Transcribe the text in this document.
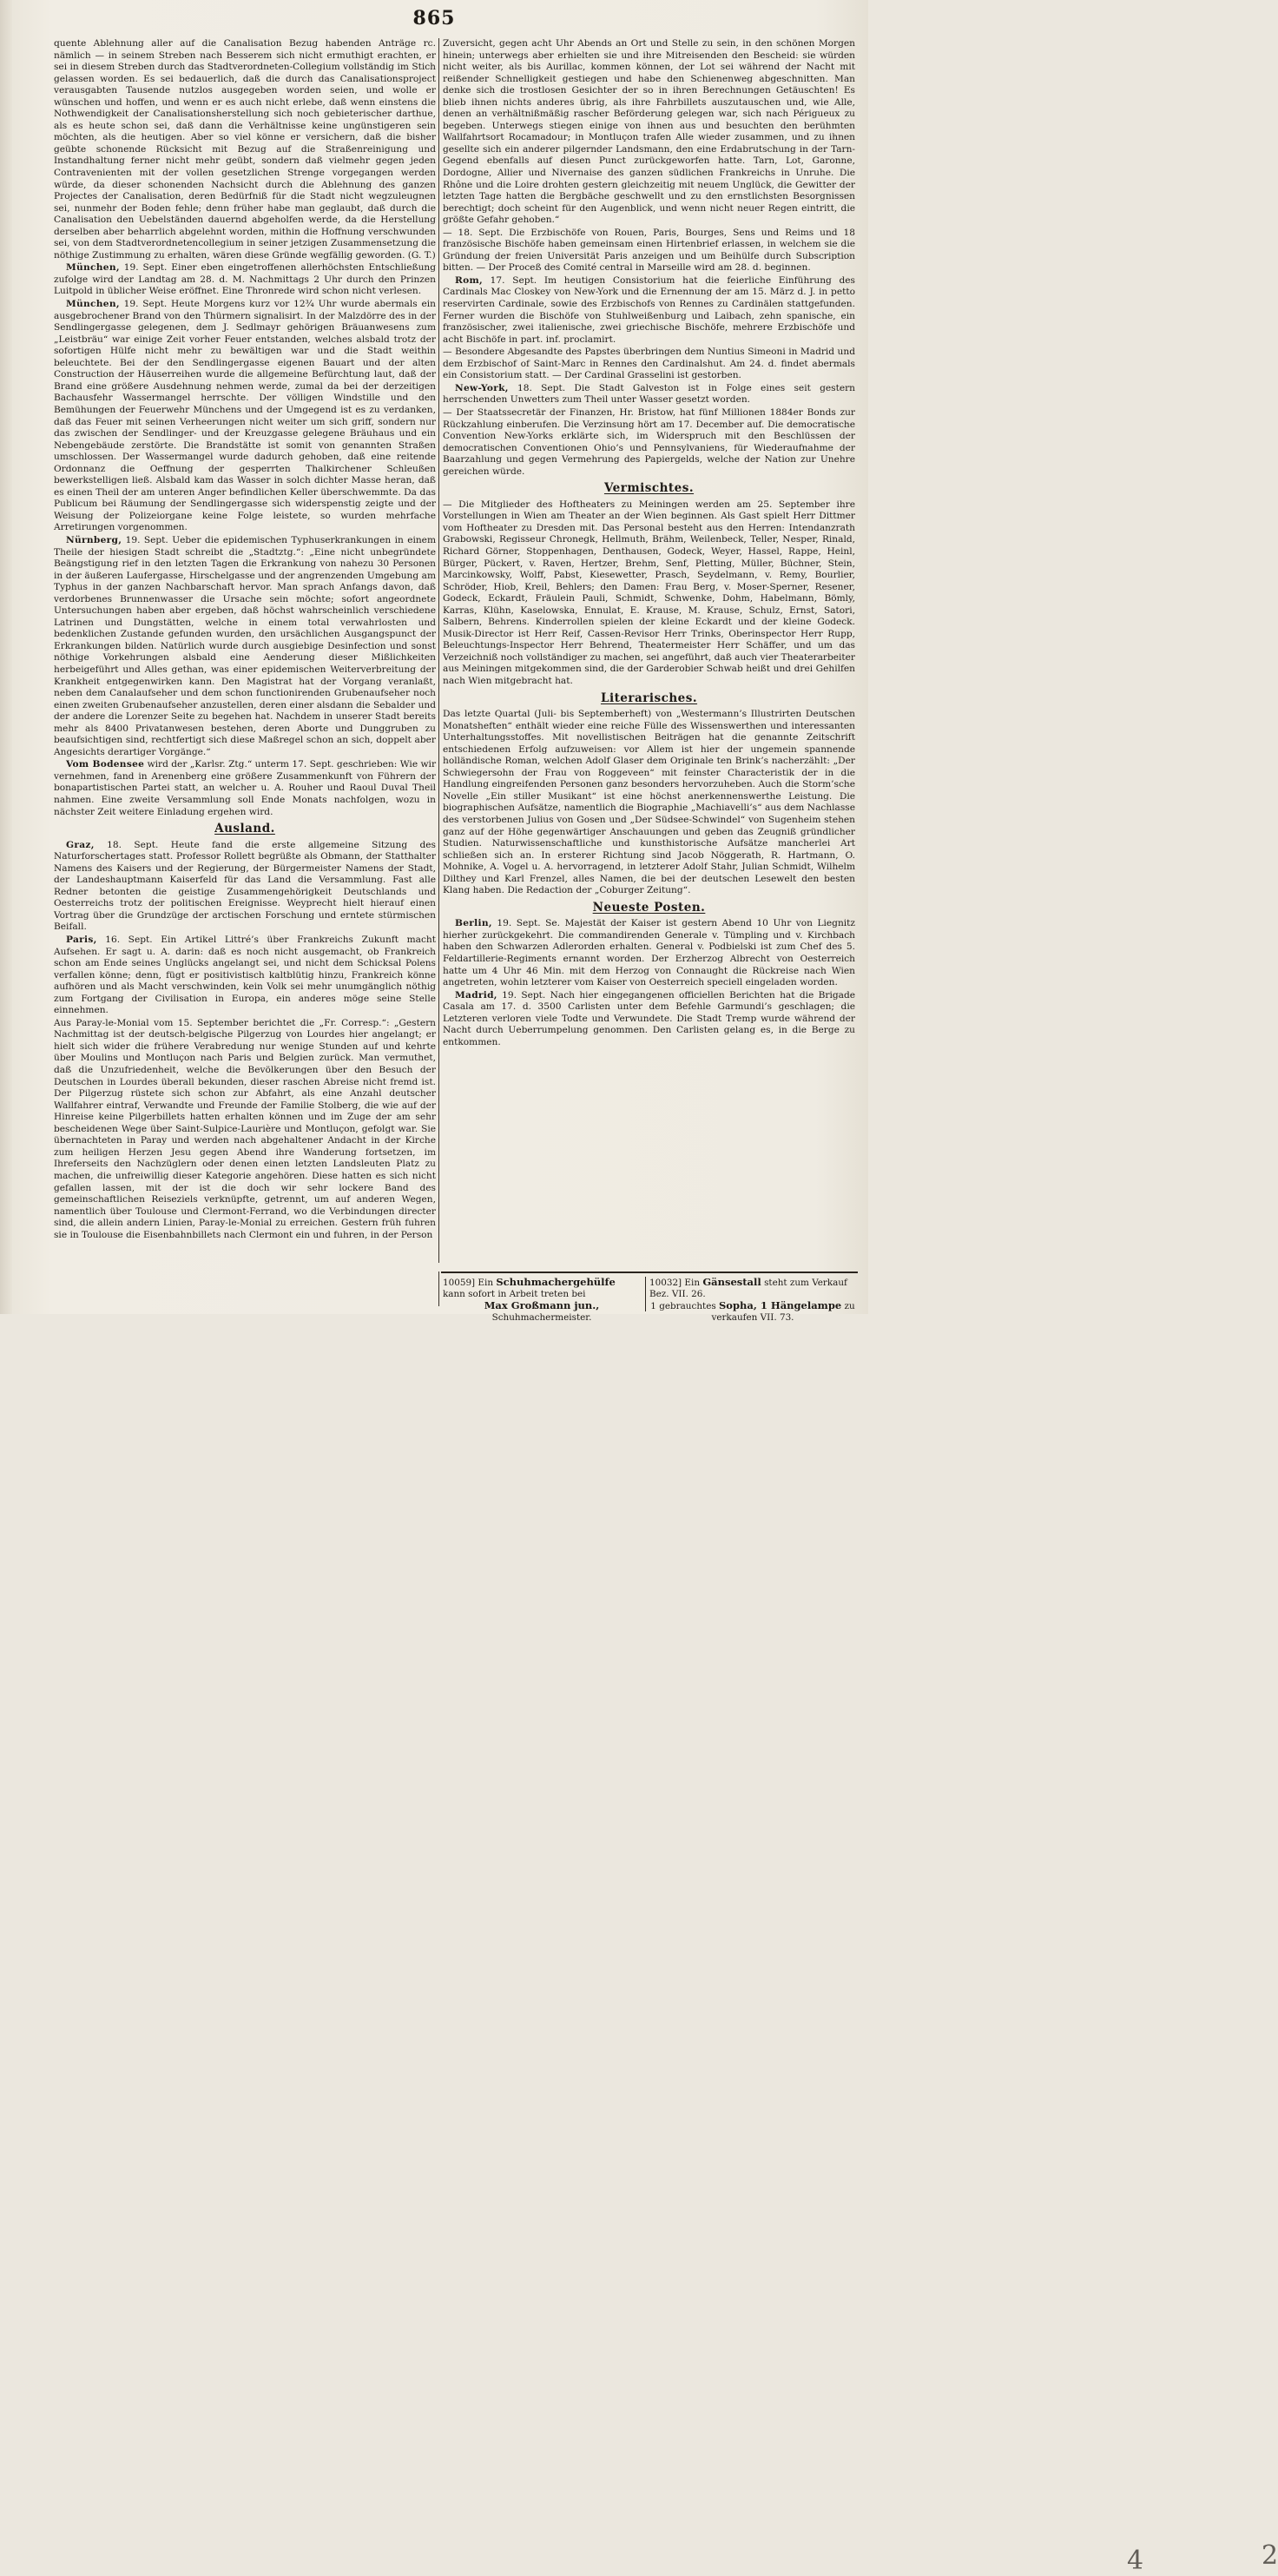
865

quente Ablehnung aller auf die Canalisation Bezug habenden Anträge rc. nämlich — in seinem Streben nach Besserem sich nicht ermuthigt erachten, er sei in diesem Streben durch das Stadtverordneten-Collegium vollständig im Stich gelassen worden. Es sei bedauerlich, daß die durch das Canalisationsproject verausgabten Tausende nutzlos ausgegeben worden seien, und wolle er wünschen und hoffen, und wenn er es auch nicht erlebe, daß wenn einstens die Nothwendigkeit der Canalisationsherstellung sich noch gebieterischer darthue, als es heute schon sei, daß dann die Verhältnisse keine ungünstigeren sein möchten, als die heutigen. Aber so viel könne er versichern, daß die bisher geübte schonende Rücksicht mit Bezug auf die Straßenreinigung und Instandhaltung ferner nicht mehr geübt, sondern daß vielmehr gegen jeden Contravenienten mit der vollen gesetzlichen Strenge vorgegangen werden würde, da dieser schonenden Nachsicht durch die Ablehnung des ganzen Projectes der Canalisation, deren Bedürfniß für die Stadt nicht wegzuleugnen sei, nunmehr der Boden fehle; denn früher habe man geglaubt, daß durch die Canalisation den Uebelständen dauernd abgeholfen werde, da die Herstellung derselben aber beharrlich abgelehnt worden, mithin die Hoffnung verschwunden sei, von dem Stadtverordnetencollegium in seiner jetzigen Zusammensetzung die nöthige Zustimmung zu erhalten, wären diese Gründe wegfällig geworden. (G. T.)

München, 19. Sept. Einer eben eingetroffenen allerhöchsten Entschließung zufolge wird der Landtag am 28. d. M. Nachmittags 2 Uhr durch den Prinzen Luitpold in üblicher Weise eröffnet. Eine Thronrede wird schon nicht verlesen.

München, 19. Sept. Heute Morgens kurz vor 12¾ Uhr wurde abermals ein ausgebrochener Brand von den Thürmern signalisirt. In der Malzdörre des in der Sendlingergasse gelegenen, dem J. Sedlmayr gehörigen Bräuanwesens zum „Leistbräu“ war einige Zeit vorher Feuer entstanden, welches alsbald trotz der sofortigen Hülfe nicht mehr zu bewältigen war und die Stadt weithin beleuchtete. Bei der den Sendlingergasse eigenen Bauart und der alten Construction der Häuserreihen wurde die allgemeine Befürchtung laut, daß der Brand eine größere Ausdehnung nehmen werde, zumal da bei der derzeitigen Bachausfehr Wassermangel herrschte. Der völligen Windstille und den Bemühungen der Feuerwehr Münchens und der Umgegend ist es zu verdanken, daß das Feuer mit seinen Verheerungen nicht weiter um sich griff, sondern nur das zwischen der Sendlinger- und der Kreuzgasse gelegene Bräuhaus und ein Nebengebäude zerstörte. Die Brandstätte ist somit von genannten Straßen umschlossen. Der Wassermangel wurde dadurch gehoben, daß eine reitende Ordonnanz die Oeffnung der gesperrten Thalkirchener Schleußen bewerkstelligen ließ. Alsbald kam das Wasser in solch dichter Masse heran, daß es einen Theil der am unteren Anger befindlichen Keller überschwemmte. Da das Publicum bei Räumung der Sendlingergasse sich widerspenstig zeigte und der Weisung der Polizeiorgane keine Folge leistete, so wurden mehrfache Arretirungen vorgenommen.

Nürnberg, 19. Sept. Ueber die epidemischen Typhuserkrankungen in einem Theile der hiesigen Stadt schreibt die „Stadtztg.“: „Eine nicht unbegründete Beängstigung rief in den letzten Tagen die Erkrankung von nahezu 30 Personen in der äußeren Laufergasse, Hirschelgasse und der angrenzenden Umgebung am Typhus in der ganzen Nachbarschaft hervor. Man sprach Anfangs davon, daß verdorbenes Brunnenwasser die Ursache sein möchte; sofort angeordnete Untersuchungen haben aber ergeben, daß höchst wahrscheinlich verschiedene Latrinen und Dungstätten, welche in einem total verwahrlosten und bedenklichen Zustande gefunden wurden, den ursächlichen Ausgangspunct der Erkrankungen bilden. Natürlich wurde durch ausgiebige Desinfection und sonst nöthige Vorkehrungen alsbald eine Aenderung dieser Mißlichkeiten herbeigeführt und Alles gethan, was einer epidemischen Weiterverbreitung der Krankheit entgegenwirken kann. Den Magistrat hat der Vorgang veranlaßt, neben dem Canalaufseher und dem schon functionirenden Grubenaufseher noch einen zweiten Grubenaufseher anzustellen, deren einer alsdann die Sebalder und der andere die Lorenzer Seite zu begehen hat. Nachdem in unserer Stadt bereits mehr als 8400 Privatanwesen bestehen, deren Aborte und Dunggruben zu beaufsichtigen sind, rechtfertigt sich diese Maßregel schon an sich, doppelt aber Angesichts derartiger Vorgänge.“

Vom Bodensee wird der „Karlsr. Ztg.“ unterm 17. Sept. geschrieben: Wie wir vernehmen, fand in Arenenberg eine größere Zusammenkunft von Führern der bonapartistischen Partei statt, an welcher u. A. Rouher und Raoul Duval Theil nahmen. Eine zweite Versammlung soll Ende Monats nachfolgen, wozu in nächster Zeit weitere Einladung ergehen wird.

Ausland.

Graz, 18. Sept. Heute fand die erste allgemeine Sitzung des Naturforschertages statt. Professor Rollett begrüßte als Obmann, der Statthalter Namens des Kaisers und der Regierung, der Bürgermeister Namens der Stadt, der Landeshauptmann Kaiserfeld für das Land die Versammlung. Fast alle Redner betonten die geistige Zusammengehörigkeit Deutschlands und Oesterreichs trotz der politischen Ereignisse. Weyprecht hielt hierauf einen Vortrag über die Grundzüge der arctischen Forschung und erntete stürmischen Beifall.

Paris, 16. Sept. Ein Artikel Littré’s über Frankreichs Zukunft macht Aufsehen. Er sagt u. A. darin: daß es noch nicht ausgemacht, ob Frankreich schon am Ende seines Unglücks angelangt sei, und nicht dem Schicksal Polens verfallen könne; denn, fügt er positivistisch kaltblütig hinzu, Frankreich könne aufhören und als Macht verschwinden, kein Volk sei mehr unumgänglich nöthig zum Fortgang der Civilisation in Europa, ein anderes möge seine Stelle einnehmen.

Aus Paray-le-Monial vom 15. September berichtet die „Fr. Corresp.“: „Gestern Nachmittag ist der deutsch-belgische Pilgerzug von Lourdes hier angelangt; er hielt sich wider die frühere Verabredung nur wenige Stunden auf und kehrte über Moulins und Montluçon nach Paris und Belgien zurück. Man vermuthet, daß die Unzufriedenheit, welche die Bevölkerungen über den Besuch der Deutschen in Lourdes überall bekunden, dieser raschen Abreise nicht fremd ist. Der Pilgerzug rüstete sich schon zur Abfahrt, als eine Anzahl deutscher Wallfahrer eintraf, Verwandte und Freunde der Familie Stolberg, die wie auf der Hinreise keine Pilgerbillets hatten erhalten können und im Zuge der am sehr bescheidenen Wege über Saint-Sulpice-Laurière und Montluçon, gefolgt war. Sie übernachteten in Paray und werden nach abgehaltener Andacht in der Kirche zum heiligen Herzen Jesu gegen Abend ihre Wanderung fortsetzen, im Ihreferseits den Nachzüglern oder denen einen letzten Landsleuten Platz zu machen, die unfreiwillig dieser Kategorie angehören. Diese hatten es sich nicht gefallen lassen, mit der ist die doch wir sehr lockere Band des gemeinschaftlichen Reiseziels verknüpfte, getrennt, um auf anderen Wegen, namentlich über Toulouse und Clermont-Ferrand, wo die Verbindungen directer sind, die allein andern Linien, Paray-le-Monial zu erreichen. Gestern früh fuhren sie in Toulouse die Eisenbahnbillets nach Clermont ein und fuhren, in der Person

Zuversicht, gegen acht Uhr Abends an Ort und Stelle zu sein, in den schönen Morgen hinein; unterwegs aber erhielten sie und ihre Mitreisenden den Bescheid: sie würden nicht weiter, als bis Aurillac, kommen können, der Lot sei während der Nacht mit reißender Schnelligkeit gestiegen und habe den Schienenweg abgeschnitten. Man denke sich die trostlosen Gesichter der so in ihren Berechnungen Getäuschten! Es blieb ihnen nichts anderes übrig, als ihre Fahrbillets auszutauschen und, wie Alle, denen an verhältnißmäßig rascher Beförderung gelegen war, sich nach Périgueux zu begeben. Unterwegs stiegen einige von ihnen aus und besuchten den berühmten Wallfahrtsort Rocamadour; in Montluçon trafen Alle wieder zusammen, und zu ihnen gesellte sich ein anderer pilgernder Landsmann, den eine Erdabrutschung in der Tarn-Gegend ebenfalls auf diesen Punct zurückgeworfen hatte. Tarn, Lot, Garonne, Dordogne, Allier und Nivernaise des ganzen südlichen Frankreichs in Unruhe. Die Rhône und die Loire drohten gestern gleichzeitig mit neuem Unglück, die Gewitter der letzten Tage hatten die Bergbäche geschwellt und zu den ernstlichsten Besorgnissen berechtigt; doch scheint für den Augenblick, und wenn nicht neuer Regen eintritt, die größte Gefahr gehoben.“

— 18. Sept. Die Erzbischöfe von Rouen, Paris, Bourges, Sens und Reims und 18 französische Bischöfe haben gemeinsam einen Hirtenbrief erlassen, in welchem sie die Gründung der freien Universität Paris anzeigen und um Beihülfe durch Subscription bitten. — Der Proceß des Comité central in Marseille wird am 28. d. beginnen.

Rom, 17. Sept. Im heutigen Consistorium hat die feierliche Einführung des Cardinals Mac Closkey von New-York und die Ernennung der am 15. März d. J. in petto reservirten Cardinale, sowie des Erzbischofs von Rennes zu Cardinälen stattgefunden. Ferner wurden die Bischöfe von Stuhlweißenburg und Laibach, zehn spanische, ein französischer, zwei italienische, zwei griechische Bischöfe, mehrere Erzbischöfe und acht Bischöfe in part. inf. proclamirt.

— Besondere Abgesandte des Papstes überbringen dem Nuntius Simeoni in Madrid und dem Erzbischof of Saint-Marc in Rennes den Cardinalshut. Am 24. d. findet abermals ein Consistorium statt. — Der Cardinal Grasselini ist gestorben.

New-York, 18. Sept. Die Stadt Galveston ist in Folge eines seit gestern herrschenden Unwetters zum Theil unter Wasser gesetzt worden.

— Der Staatssecretär der Finanzen, Hr. Bristow, hat fünf Millionen 1884er Bonds zur Rückzahlung einberufen. Die Verzinsung hört am 17. December auf. Die democratische Convention New-Yorks erklärte sich, im Widerspruch mit den Beschlüssen der democratischen Conventionen Ohio’s und Pennsylvaniens, für Wiederaufnahme der Baarzahlung und gegen Vermehrung des Papiergelds, welche der Nation zur Unehre gereichen würde.

Vermischtes.

— Die Mitglieder des Hoftheaters zu Meiningen werden am 25. September ihre Vorstellungen in Wien am Theater an der Wien beginnen. Als Gast spielt Herr Dittmer vom Hoftheater zu Dresden mit. Das Personal besteht aus den Herren: Intendanzrath Grabowski, Regisseur Chronegk, Hellmuth, Brähm, Weilenbeck, Teller, Nesper, Rinald, Richard Görner, Stoppenhagen, Denthausen, Godeck, Weyer, Hassel, Rappe, Heinl, Bürger, Pückert, v. Raven, Hertzer, Brehm, Senf, Pletting, Müller, Büchner, Stein, Marcinkowsky, Wolff, Pabst, Kiesewetter, Prasch, Seydelmann, v. Remy, Bourlier, Schröder, Hiob, Kreil, Behlers; den Damen: Frau Berg, v. Moser-Sperner, Resener, Godeck, Eckardt, Fräulein Pauli, Schmidt, Schwenke, Dohm, Habelmann, Bömly, Karras, Klühn, Kaselowska, Ennulat, E. Krause, M. Krause, Schulz, Ernst, Satori, Salbern, Behrens. Kinderrollen spielen der kleine Eckardt und der kleine Godeck. Musik-Director ist Herr Reif, Cassen-Revisor Herr Trinks, Oberinspector Herr Rupp, Beleuchtungs-Inspector Herr Behrend, Theatermeister Herr Schäffer, und um das Verzeichniß noch vollständiger zu machen, sei angeführt, daß auch vier Theaterarbeiter aus Meiningen mitgekommen sind, die der Garderobier Schwab heißt und drei Gehilfen nach Wien mitgebracht hat.

Literarisches.

Das letzte Quartal (Juli- bis Septemberheft) von „Westermann’s Illustrirten Deutschen Monatsheften“ enthält wieder eine reiche Fülle des Wissenswerthen und interessanten Unterhaltungsstoffes. Mit novellistischen Beiträgen hat die genannte Zeitschrift entschiedenen Erfolg aufzuweisen: vor Allem ist hier der ungemein spannende holländische Roman, welchen Adolf Glaser dem Originale ten Brink’s nacherzählt: „Der Schwiegersohn der Frau von Roggeveen“ mit feinster Characteristik der in die Handlung eingreifenden Personen ganz besonders hervorzuheben. Auch die Storm’sche Novelle „Ein stiller Musikant“ ist eine höchst anerkennenswerthe Leistung. Die biographischen Aufsätze, namentlich die Biographie „Machiavelli’s“ aus dem Nachlasse des verstorbenen Julius von Gosen und „Der Südsee-Schwindel“ von Sugenheim stehen ganz auf der Höhe gegenwärtiger Anschauungen und geben das Zeugniß gründlicher Studien. Naturwissenschaftliche und kunsthistorische Aufsätze mancherlei Art schließen sich an. In ersterer Richtung sind Jacob Nöggerath, R. Hartmann, O. Mohnike, A. Vogel u. A. hervorragend, in letzterer Adolf Stahr, Julian Schmidt, Wilhelm Dilthey und Karl Frenzel, alles Namen, die bei der deutschen Lesewelt den besten Klang haben. Die Redaction der „Coburger Zeitung“.

Neueste Posten.

Berlin, 19. Sept. Se. Majestät der Kaiser ist gestern Abend 10 Uhr von Liegnitz hierher zurückgekehrt. Die commandirenden Generale v. Tümpling und v. Kirchbach haben den Schwarzen Adlerorden erhalten. General v. Podbielski ist zum Chef des 5. Feldartillerie-Regiments ernannt worden. Der Erzherzog Albrecht von Oesterreich hatte um 4 Uhr 46 Min. mit dem Herzog von Connaught die Rückreise nach Wien angetreten, wohin letzterer vom Kaiser von Oesterreich speciell eingeladen worden.

Madrid, 19. Sept. Nach hier eingegangenen officiellen Berichten hat die Brigade Casala am 17. d. 3500 Carlisten unter dem Befehle Garmundi’s geschlagen; die Letzteren verloren viele Todte und Verwundete. Die Stadt Tremp wurde während der Nacht durch Ueberrumpelung genommen. Den Carlisten gelang es, in die Berge zu entkommen.

10059] Ein Schuhmachergehülfe
kann sofort in Arbeit treten bei
Max Großmann jun.,
Schuhmachermeister.
10032] Ein Gänsestall steht zum Verkauf Bez. VII. 26.
1 gebrauchtes Sopha, 1 Hängelampe zu verkaufen VII. 73.
4	2
